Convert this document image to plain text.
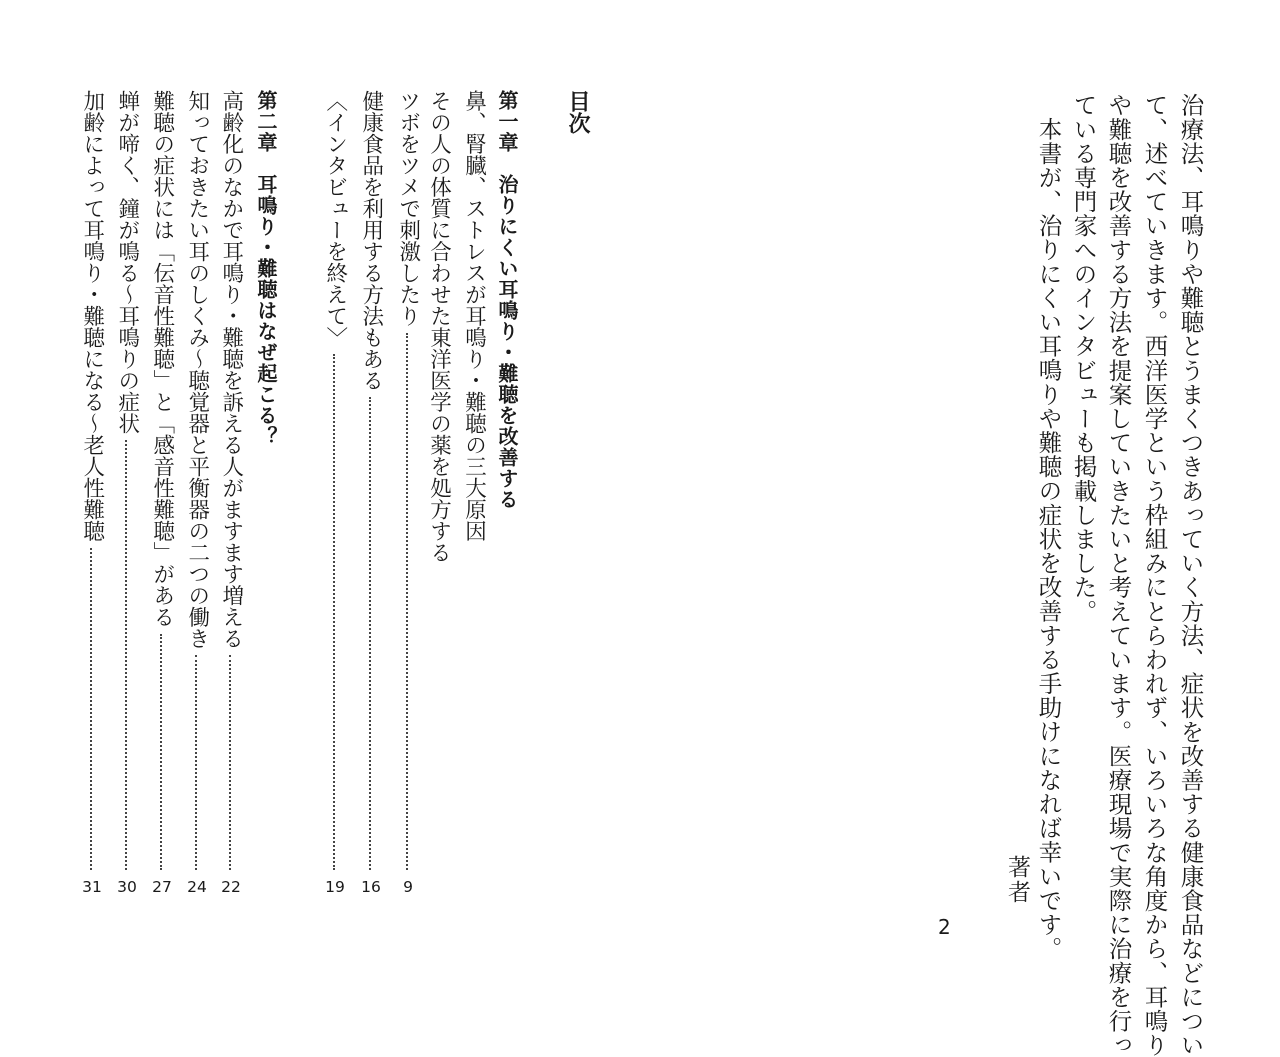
治療法、耳鳴りや難聴とうまくつきあっていく方法、症状を改善する健康食品などについ
て、述べていきます。西洋医学という枠組みにとらわれず、いろいろな角度から、耳鳴り
や難聴を改善する方法を提案していきたいと考えています。医療現場で実際に治療を行っ
ている専門家へのインタビューも掲載しました。
本書が、治りにくい耳鳴りや難聴の症状を改善する手助けになれば幸いです。
著者
2
目次
第一章　治りにくい耳鳴り・難聴を改善する
鼻、腎臓、ストレスが耳鳴り・難聴の三大原因
その人の体質に合わせた東洋医学の薬を処方する
ツボをツメで刺激したり
9
健康食品を利用する方法もある
16
〈インタビューを終えて〉
19
第二章　耳鳴り・難聴はなぜ起こる？
高齢化のなかで耳鳴り・難聴を訴える人がますます増える
22
知っておきたい耳のしくみ〜聴覚器と平衡器の二つの働き
24
難聴の症状には「伝音性難聴」と「感音性難聴」がある
27
蝉が啼く、鐘が鳴る〜耳鳴りの症状
30
加齢によって耳鳴り・難聴になる〜老人性難聴
31
